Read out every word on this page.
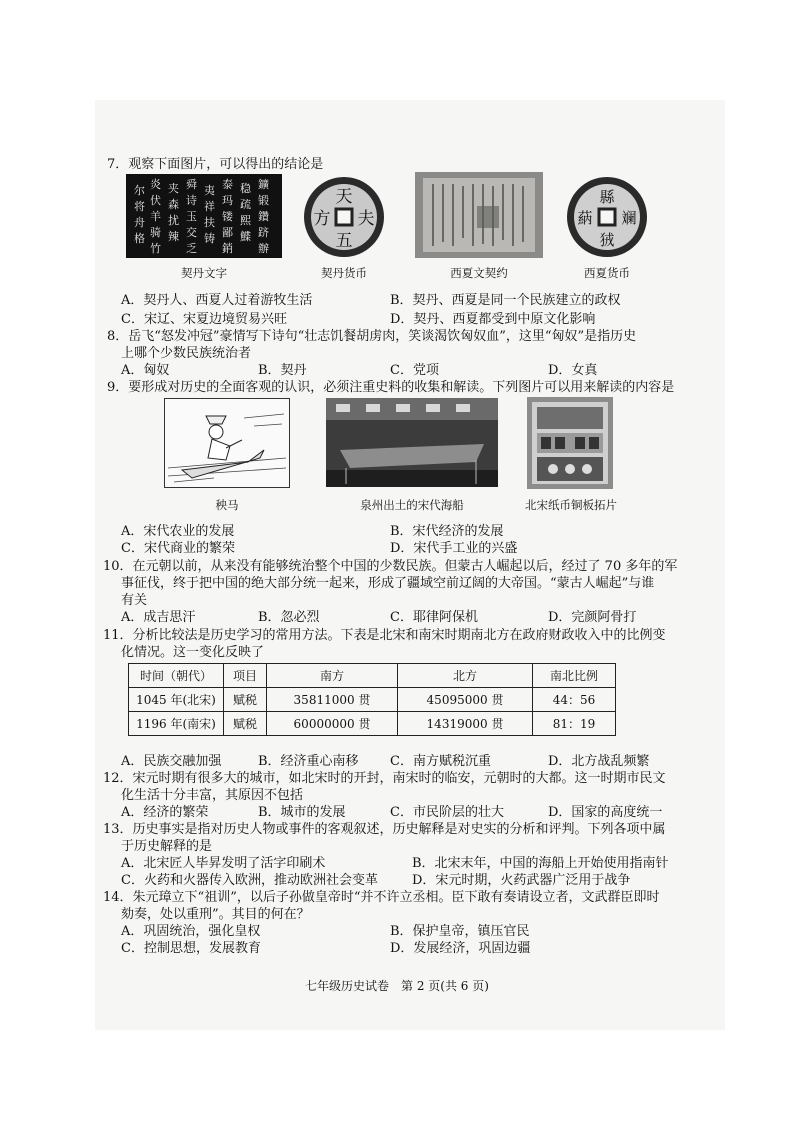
7．观察下面图片，可以得出的结论是
尔
将
舟
格
炎
伏
羊
骑
竹
夹
森
扰
辣
舜
诗
玉
交
乏
夷
祥
扶
铸
泰
玛
镂
鄙
銷
稳
疏
熙
鰈
鑛
锻
鑽
跻
辦
天
夫
方
五
縣
斓
蒳
狨
契丹文字	契丹货币	西夏文契约	西夏货币
A．契丹人、西夏人过着游牧生活	B．契丹、西夏是同一个民族建立的政权
C．宋辽、宋夏边境贸易兴旺	D．契丹、西夏都受到中原文化影响
8．岳飞“怒发冲冠”豪情写下诗句“壮志饥餐胡虏肉，笑谈渴饮匈奴血”，这里“匈奴”是指历史
上哪个少数民族统治者
A．匈奴	B．契丹	C．党项	D．女真
9．要形成对历史的全面客观的认识，必须注重史料的收集和解读。下列图片可以用来解读的内容是
秧马	泉州出土的宋代海船	北宋纸币铜板拓片
A．宋代农业的发展	B．宋代经济的发展
C．宋代商业的繁荣	D．宋代手工业的兴盛
10．在元朝以前，从来没有能够统治整个中国的少数民族。但蒙古人崛起以后，经过了 70 多年的军
事征伐，终于把中国的绝大部分统一起来，形成了疆域空前辽阔的大帝国。“蒙古人崛起”与谁
有关
A．成吉思汗	B．忽必烈	C．耶律阿保机	D．完颜阿骨打
11．分析比较法是历史学习的常用方法。下表是北宋和南宋时期南北方在政府财政收入中的比例变
化情况。这一变化反映了
时间（朝代）	项目	南方	北方	南北比例
1045 年(北宋)	赋税	35811000 贯	45095000 贯	44：56
1196 年(南宋)	赋税	60000000 贯	14319000 贯	81：19
A．民族交融加强	B．经济重心南移 C．南方赋税沉重	D．北方战乱频繁
12．宋元时期有很多大的城市，如北宋时的开封，南宋时的临安，元朝时的大都。这一时期市民文
化生活十分丰富，其原因不包括
A．经济的繁荣	B．城市的发展	C．市民阶层的壮大	D．国家的高度统一
13．历史事实是指对历史人物或事件的客观叙述，历史解释是对史实的分析和评判。下列各项中属
于历史解释的是
A．北宋匠人毕昇发明了活字印刷术	B．北宋末年，中国的海船上开始使用指南针
C．火药和火器传入欧洲，推动欧洲社会变革	D．宋元时期，火药武器广泛用于战争
14．朱元璋立下“祖训”，以后子孙做皇帝时“并不许立丞相。臣下敢有奏请设立者，文武群臣即时
劾奏，处以重刑”。其目的何在？
A．巩固统治，强化皇权	B．保护皇帝，镇压官民
C．控制思想，发展教育	D．发展经济，巩固边疆
七年级历史试卷　第 2 页(共 6 页)
